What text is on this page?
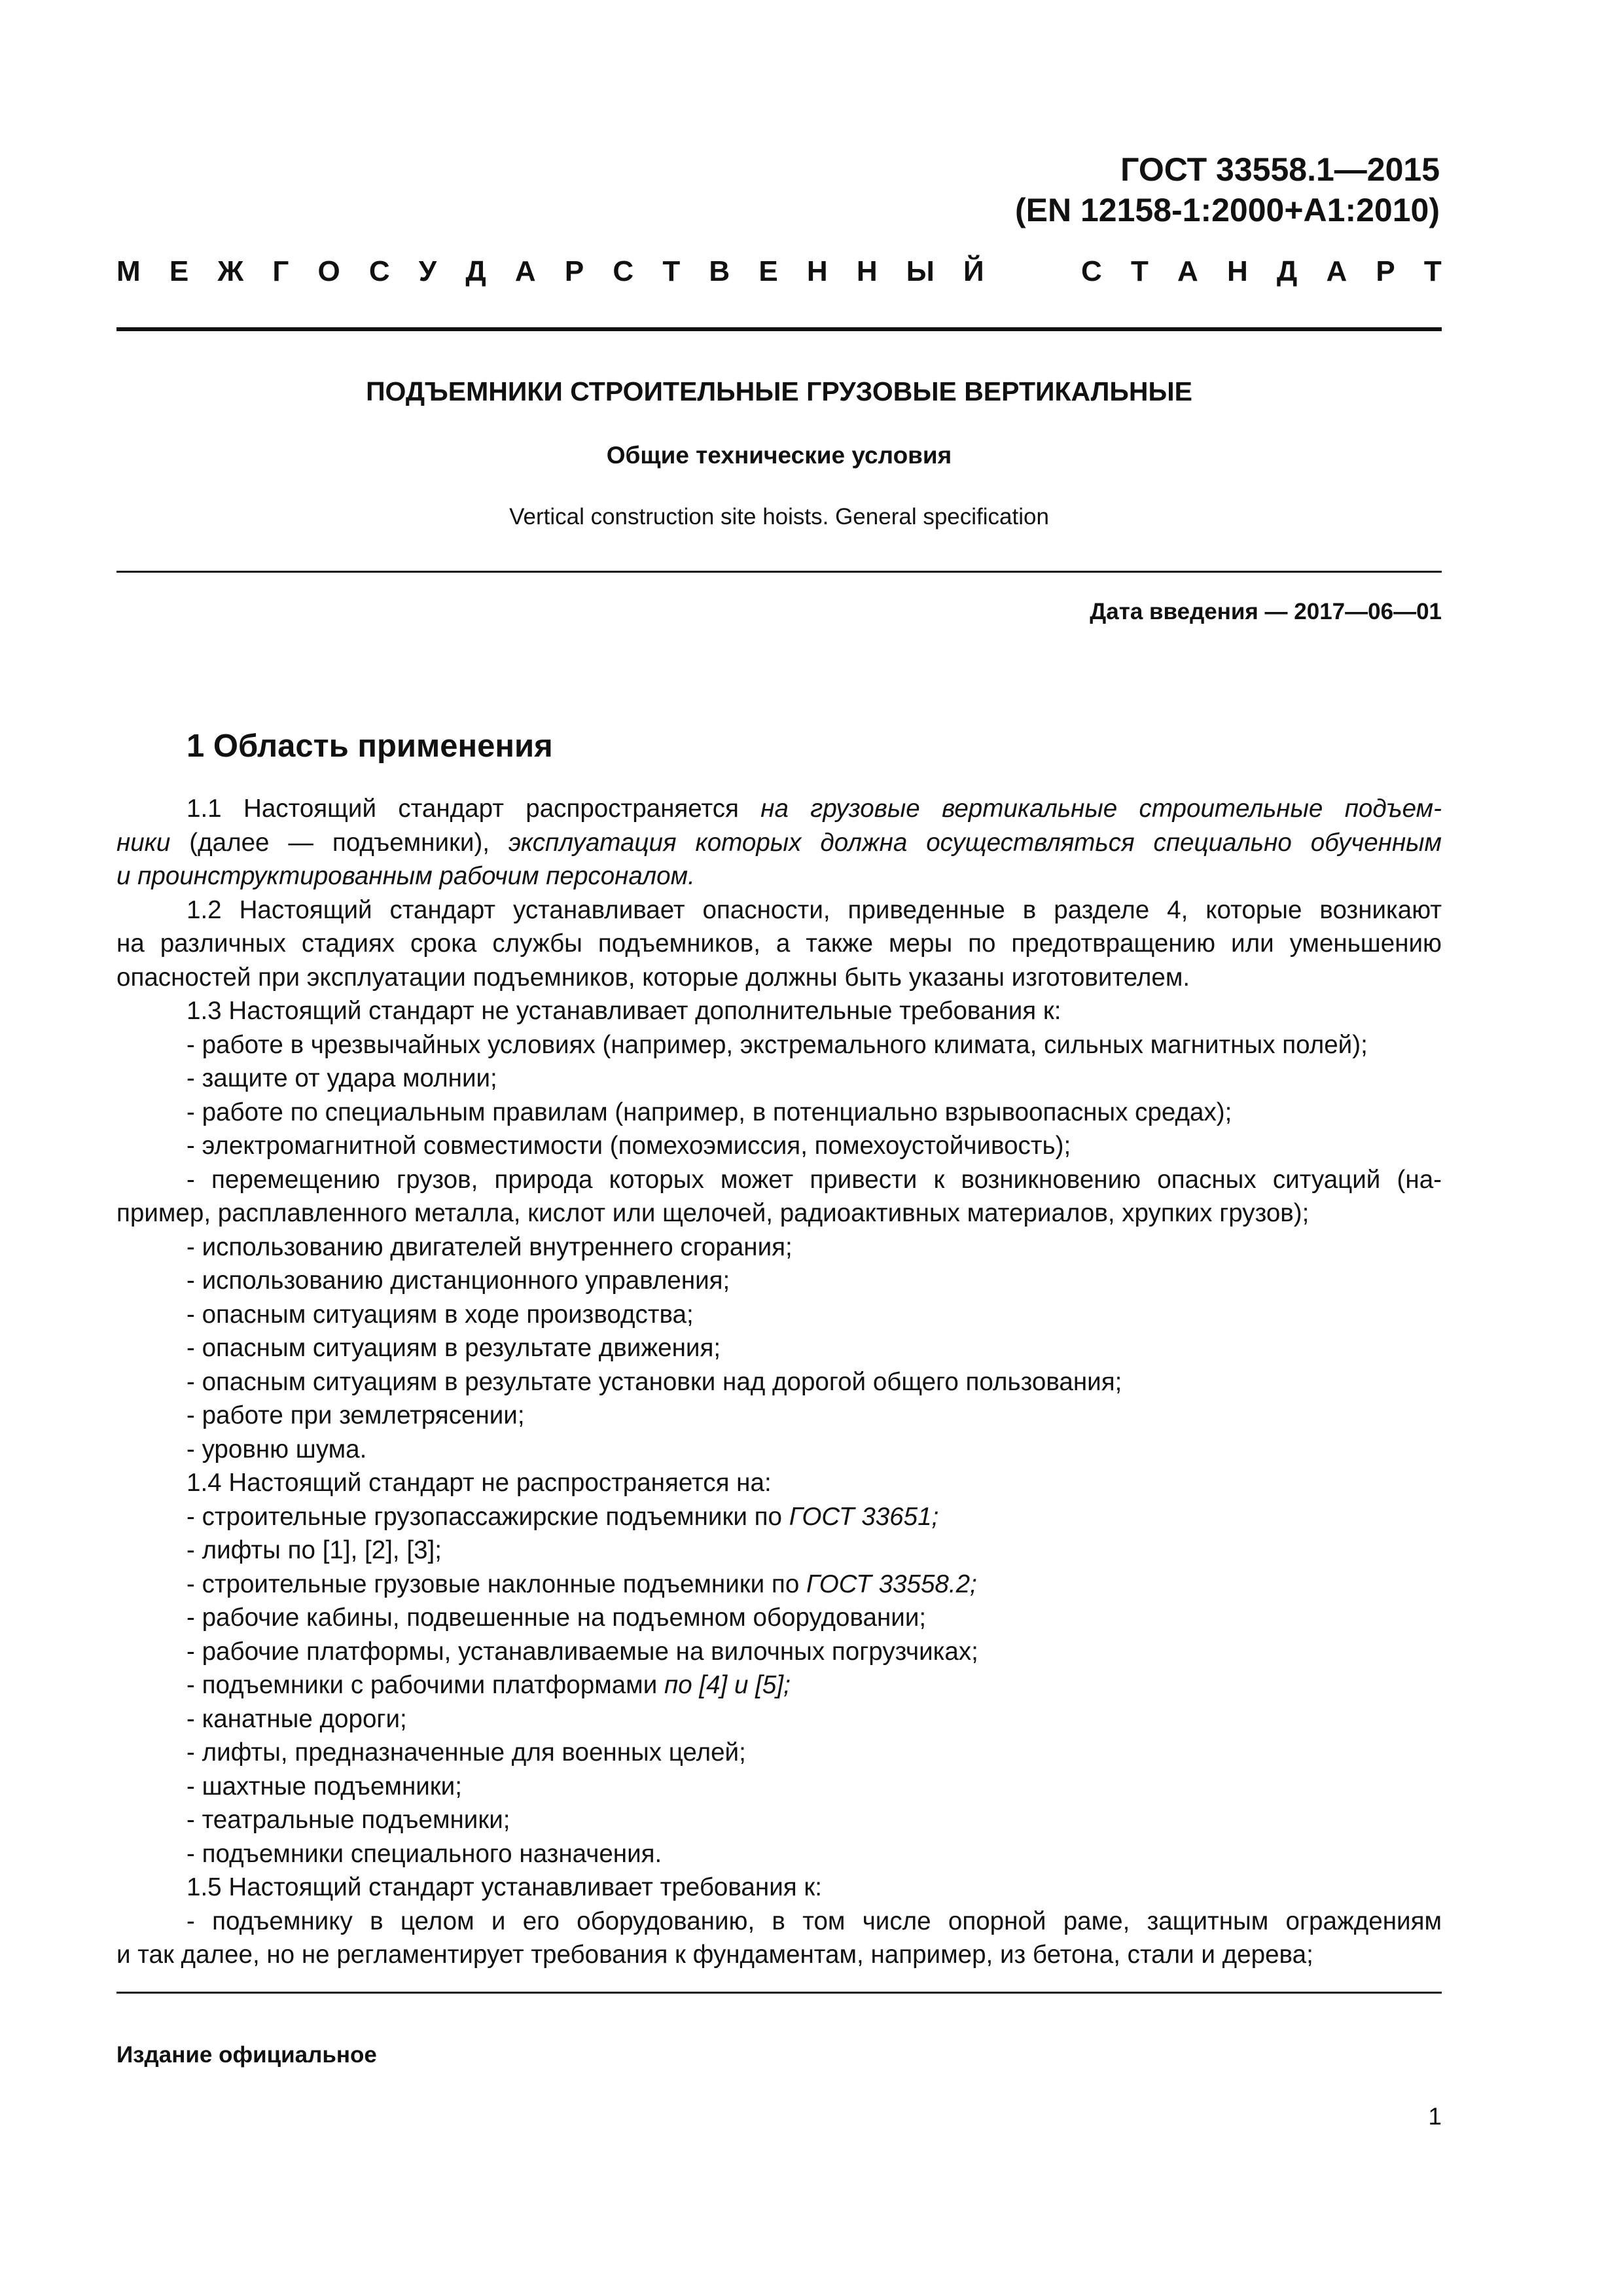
ГОСТ 33558.1—2015
(EN 12158-1:2000+A1:2010)
М Е Ж Г О С У Д А Р С Т В Е Н Н Ы Й	С Т А Н Д А Р Т
ПОДЪЕМНИКИ СТРОИТЕЛЬНЫЕ ГРУЗОВЫЕ ВЕРТИКАЛЬНЫЕ
Общие технические условия
Vertical construction site hoists. General specification
Дата введения — 2017—06—01
1 Область применения

1.1 Настоящий стандарт распространяется на грузовые вертикальные строительные подъем-

ники (далее — подъемники), эксплуатация которых должна осуществляться специально обученным

и проинструктированным рабочим персоналом.

1.2 Настоящий стандарт устанавливает опасности, приведенные в разделе 4, которые возникают

на различных стадиях срока службы подъемников, а также меры по предотвращению или уменьшению

опасностей при эксплуатации подъемников, которые должны быть указаны изготовителем.

1.3 Настоящий стандарт не устанавливает дополнительные требования к:

- работе в чрезвычайных условиях (например, экстремального климата, сильных магнитных полей);

- защите от удара молнии;

- работе по специальным правилам (например, в потенциально взрывоопасных средах);

- электромагнитной совместимости (помехоэмиссия, помехоустойчивость);

- перемещению грузов, природа которых может привести к возникновению опасных ситуаций (на-

пример, расплавленного металла, кислот или щелочей, радиоактивных материалов, хрупких грузов);

- использованию двигателей внутреннего сгорания;

- использованию дистанционного управления;

- опасным ситуациям в ходе производства;

- опасным ситуациям в результате движения;

- опасным ситуациям в результате установки над дорогой общего пользования;

- работе при землетрясении;

- уровню шума.

1.4 Настоящий стандарт не распространяется на:

- строительные грузопассажирские подъемники по ГОСТ 33651;

- лифты по [1], [2], [3];

- строительные грузовые наклонные подъемники по ГОСТ 33558.2;

- рабочие кабины, подвешенные на подъемном оборудовании;

- рабочие платформы, устанавливаемые на вилочных погрузчиках;

- подъемники с рабочими платформами по [4] и [5];

- канатные дороги;

- лифты, предназначенные для военных целей;

- шахтные подъемники;

- театральные подъемники;

- подъемники специального назначения.

1.5 Настоящий стандарт устанавливает требования к:

- подъемнику в целом и его оборудованию, в том числе опорной раме, защитным ограждениям

и так далее, но не регламентирует требования к фундаментам, например, из бетона, стали и дерева;

Издание официальное
1
